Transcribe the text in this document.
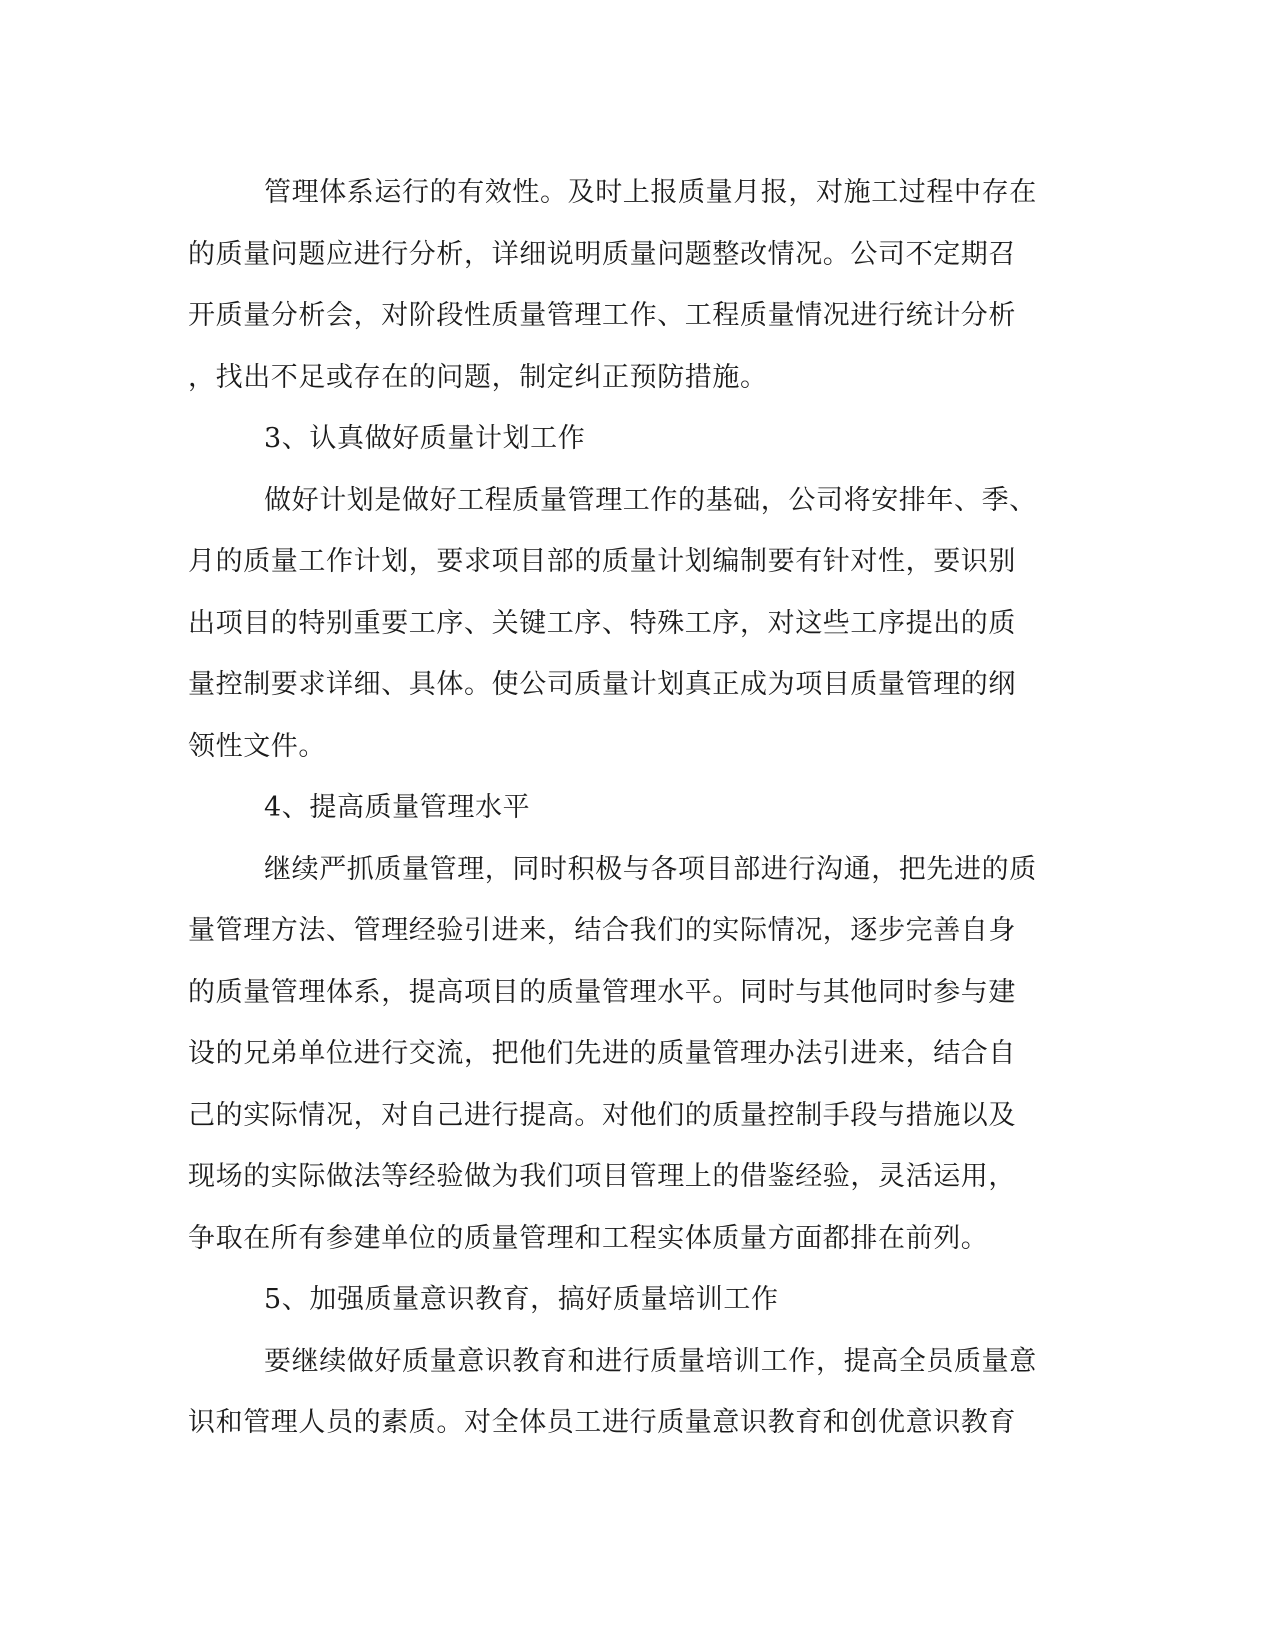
管理体系运行的有效性。及时上报质量月报，对施工过程中存在

的质量问题应进行分析，详细说明质量问题整改情况。公司不定期召

开质量分析会，对阶段性质量管理工作、工程质量情况进行统计分析

，找出不足或存在的问题，制定纠正预防措施。

3、认真做好质量计划工作

做好计划是做好工程质量管理工作的基础，公司将安排年、季、

月的质量工作计划，要求项目部的质量计划编制要有针对性，要识别

出项目的特别重要工序、关键工序、特殊工序，对这些工序提出的质

量控制要求详细、具体。使公司质量计划真正成为项目质量管理的纲

领性文件。

4、提高质量管理水平

继续严抓质量管理，同时积极与各项目部进行沟通，把先进的质

量管理方法、管理经验引进来，结合我们的实际情况，逐步完善自身

的质量管理体系，提高项目的质量管理水平。同时与其他同时参与建

设的兄弟单位进行交流，把他们先进的质量管理办法引进来，结合自

己的实际情况，对自己进行提高。对他们的质量控制手段与措施以及

现场的实际做法等经验做为我们项目管理上的借鉴经验，灵活运用，

争取在所有参建单位的质量管理和工程实体质量方面都排在前列。

5、加强质量意识教育，搞好质量培训工作

要继续做好质量意识教育和进行质量培训工作，提高全员质量意

识和管理人员的素质。对全体员工进行质量意识教育和创优意识教育
